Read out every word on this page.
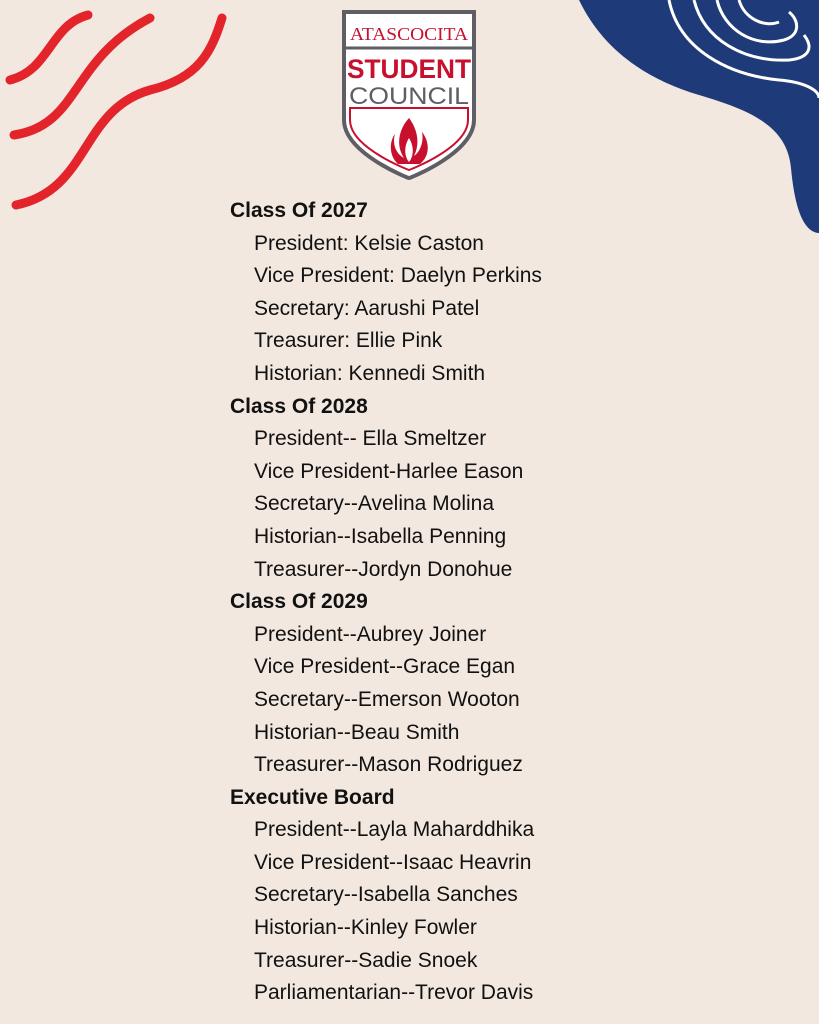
ATASCOCITA
STUDENT
COUNCIL
Class Of 2027
President: Kelsie Caston
Vice President: Daelyn Perkins
Secretary: Aarushi Patel
Treasurer: Ellie Pink
Historian: Kennedi Smith
Class Of 2028
President-- Ella Smeltzer
Vice President-Harlee Eason
Secretary--Avelina Molina
Historian--Isabella Penning
Treasurer--Jordyn Donohue
Class Of 2029
President--Aubrey Joiner
Vice President--Grace Egan
Secretary--Emerson Wooton
Historian--Beau Smith
Treasurer--Mason Rodriguez
Executive Board
President--Layla Maharddhika
Vice President--Isaac Heavrin
Secretary--Isabella Sanches
Historian--Kinley Fowler
Treasurer--Sadie Snoek
Parliamentarian--Trevor Davis
